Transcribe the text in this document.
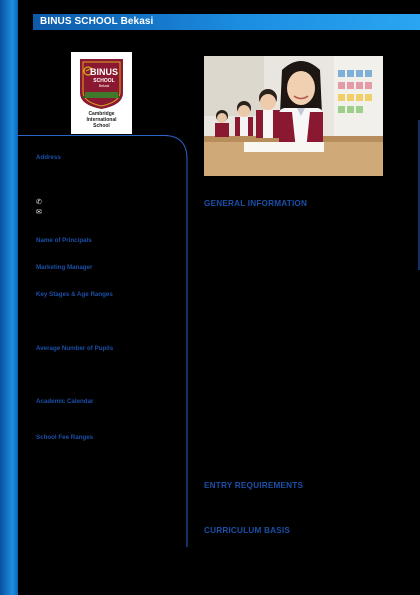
BINUS SCHOOL Bekasi
BINUS
SCHOOL
Bekasi
Cambridge
International
School
Address
✆
✉
Name of Principals
Marketing Manager
Key Stages & Age Ranges
Average Number of Pupils
Academic Calendar
School Fee Ranges
GENERAL INFORMATION
ENTRY REQUIREMENTS
CURRICULUM BASIS
